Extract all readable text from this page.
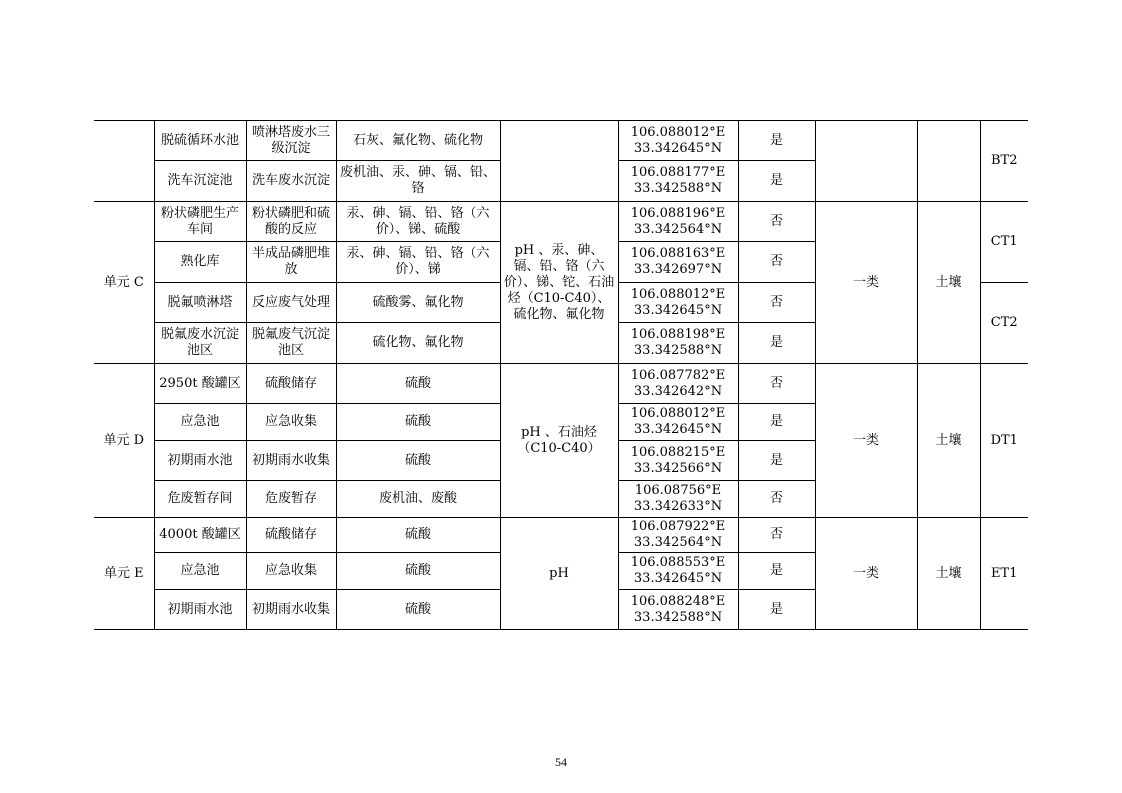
	脱硫循环水池	喷淋塔废水三级沉淀	石灰、氟化物、硫化物		106.088012°E
33.342645°N	是			BT2
	洗车沉淀池	洗车废水沉淀	废机油、汞、砷、镉、铅、铬		106.088177°E
33.342588°N	是			
单元 C	粉状磷肥生产车间	粉状磷肥和硫酸的反应	汞、砷、镉、铅、铬（六价）、锑、硫酸	pH 、汞、砷、镉、铅、铬（六价）、锑、铊、石油烃（C10-C40）、硫化物、氟化物	106.088196°E
33.342564°N	否	一类	土壤	CT1
	熟化库	半成品磷肥堆 放	汞、砷、镉、铅、铬（六价）、锑		106.088163°E
33.342697°N	否			
	脱氟喷淋塔	反应废气处理	硫酸雾、氟化物		106.088012°E
33.342645°N	否			CT2
	脱氟废水沉淀池区	脱氟废气沉淀 池区	硫化物、氟化物		106.088198°E
33.342588°N	是			
单元 D	2950t 酸罐区	硫酸储存	硫酸	pH 、石油烃（C10-C40）	106.087782°E
33.342642°N	否	一类	土壤	DT1
	应急池	应急收集	硫酸		106.088012°E
33.342645°N	是			
	初期雨水池	初期雨水收集	硫酸		106.088215°E
33.342566°N	是			
	危废暂存间	危废暂存	废机油、废酸		106.08756°E
33.342633°N	否			
单元 E	4000t 酸罐区	硫酸储存	硫酸	pH	106.087922°E
33.342564°N	否	一类	土壤	ET1
	应急池	应急收集	硫酸		106.088553°E
33.342645°N	是			
	初期雨水池	初期雨水收集	硫酸		106.088248°E
33.342588°N	是			
54
